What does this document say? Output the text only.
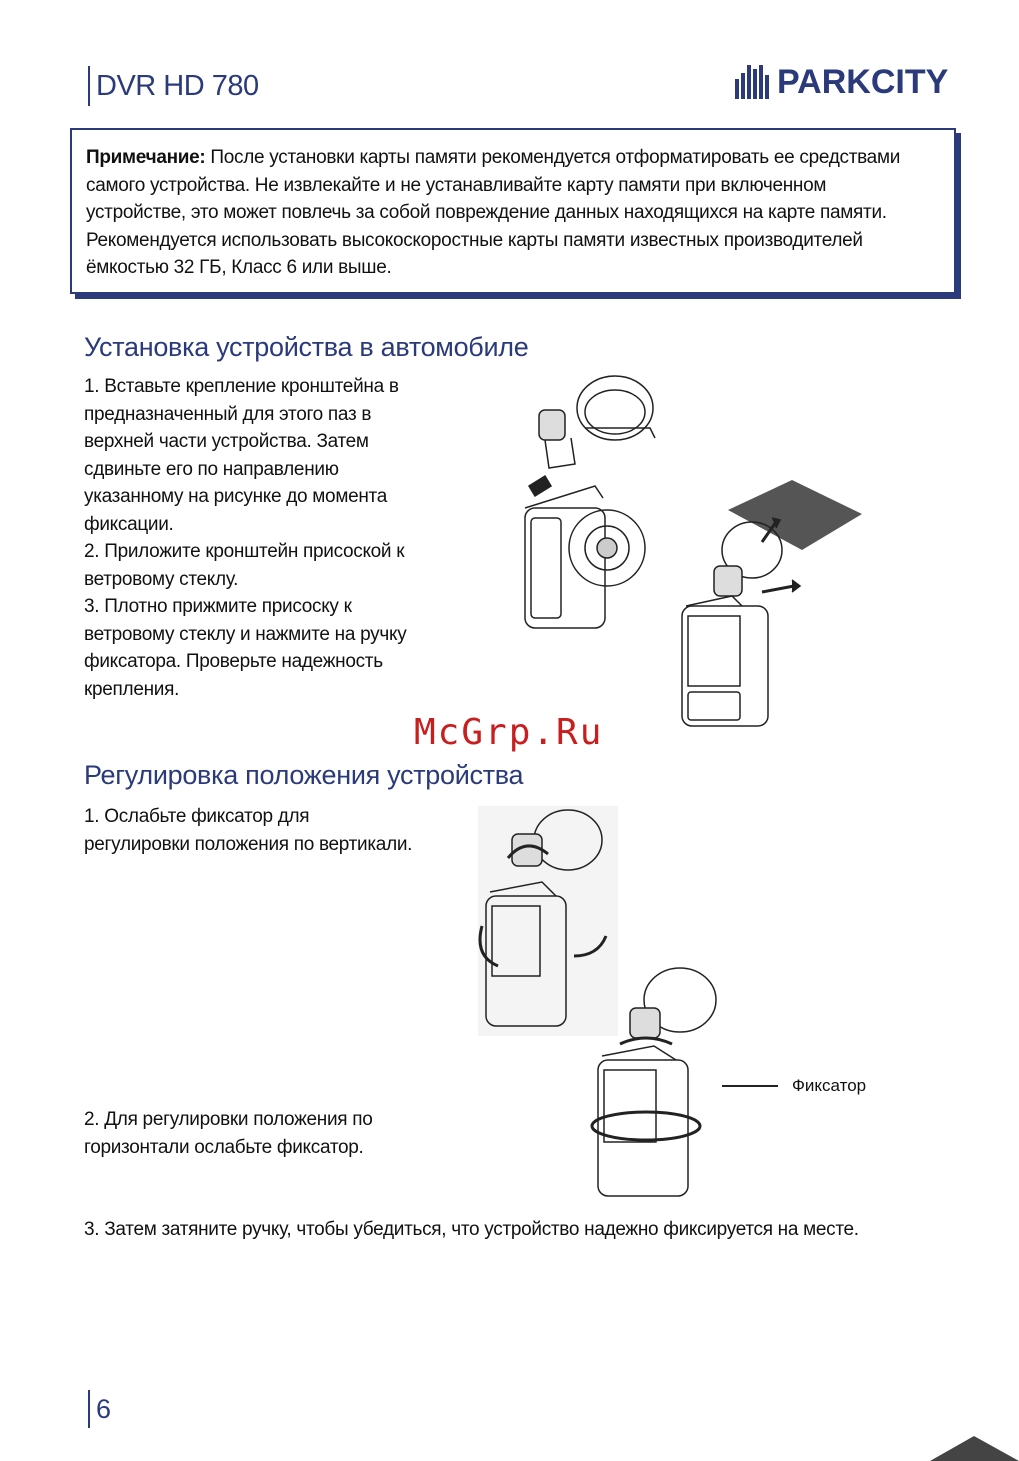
DVR HD 780	PARKCITY
Примечание: После установки карты памяти рекомендуется отформатировать ее средствами
самого устройства. Не извлекайте и не устанавливайте карту памяти при включенном
устройстве, это может повлечь за собой повреждение данных находящихся на карте памяти.
Рекомендуется использовать высокоскоростные карты памяти известных производителей
ёмкостью 32 ГБ, Класс 6 или выше.
Установка устройства в автомобиле
1. Вставьте крепление кронштейна в
предназначенный для этого паз в
верхней части устройства. Затем
сдвиньте его по направлению
указанному на рисунке до момента
фиксации.
2. Приложите кронштейн присоской к
ветровому стеклу.
3. Плотно прижмите присоску к
ветровому стеклу и нажмите на ручку
фиксатора. Проверьте надежность
крепления.
McGrp.Ru
Регулировка положения устройства
1. Ослабьте фиксатор для
регулировки положения по вертикали.
Фиксатор
2. Для регулировки положения по
горизонтали ослабьте фиксатор.
3. Затем затяните ручку, чтобы убедиться, что устройство надежно фиксируется на месте.
6
